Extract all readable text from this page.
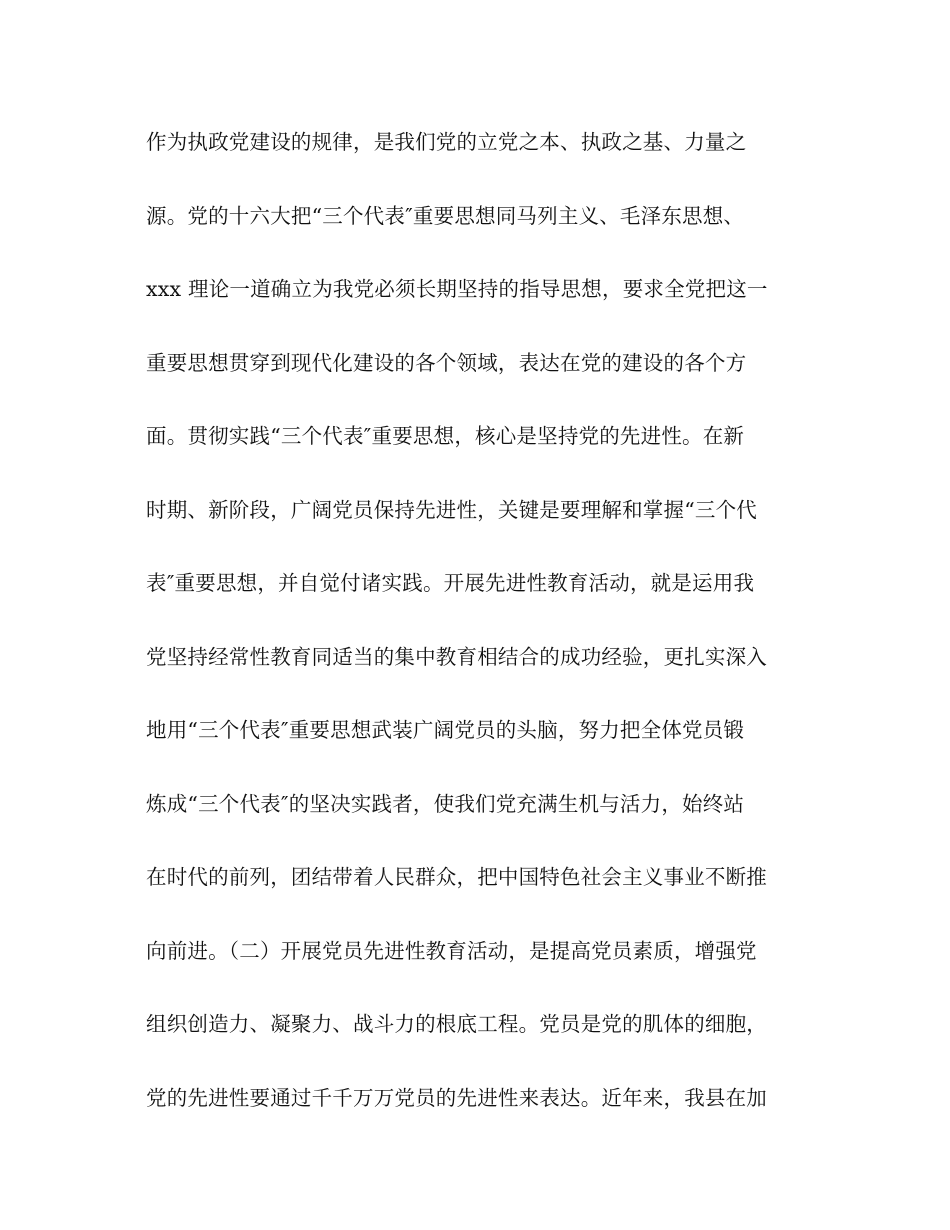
作为执政党建设的规律，是我们党的立党之本、执政之基、力量之
源。党的十六大把“三个代表″重要思想同马列主义、毛泽东思想、
xxx 理论一道确立为我党必须长期坚持的指导思想，要求全党把这一
重要思想贯穿到现代化建设的各个领域，表达在党的建设的各个方
面。贯彻实践“三个代表″重要思想，核心是坚持党的先进性。在新
时期、新阶段，广阔党员保持先进性，关键是要理解和掌握“三个代
表″重要思想，并自觉付诸实践。开展先进性教育活动，就是运用我
党坚持经常性教育同适当的集中教育相结合的成功经验，更扎实深入
地用“三个代表″重要思想武装广阔党员的头脑，努力把全体党员锻
炼成“三个代表″的坚决实践者，使我们党充满生机与活力，始终站
在时代的前列，团结带着人民群众，把中国特色社会主义事业不断推
向前进。（二）开展党员先进性教育活动，是提高党员素质，增强党
组织创造力、凝聚力、战斗力的根底工程。党员是党的肌体的细胞，
党的先进性要通过千千万万党员的先进性来表达。近年来，我县在加
